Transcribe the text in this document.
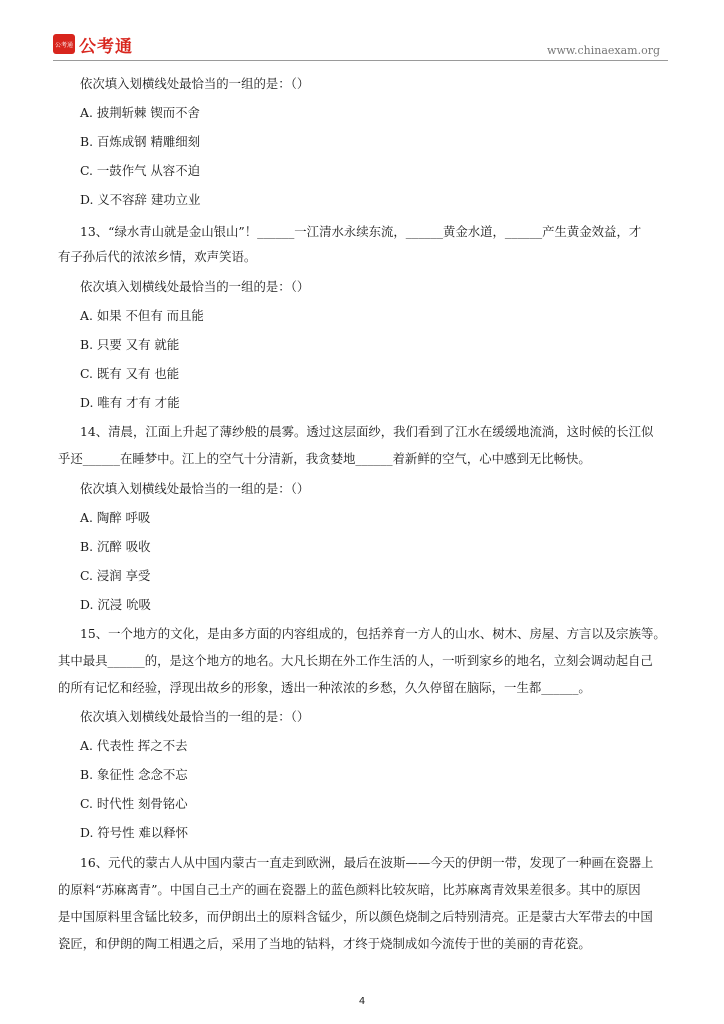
公考通 公考通	www.chinaexam.org
依次填入划横线处最恰当的一组的是：（）
A. 披荆斩棘 锲而不舍
B. 百炼成钢 精雕细刻
C. 一鼓作气 从容不迫
D. 义不容辞 建功立业
13、“绿水青山就是金山银山”！______一江清水永续东流，______黄金水道，______产生黄金效益，才
有子孙后代的浓浓乡情，欢声笑语。
依次填入划横线处最恰当的一组的是：（）
A. 如果 不但有 而且能
B. 只要 又有 就能
C. 既有 又有 也能
D. 唯有 才有 才能
14、清晨，江面上升起了薄纱般的晨雾。透过这层面纱，我们看到了江水在缓缓地流淌，这时候的长江似
乎还______在睡梦中。江上的空气十分清新，我贪婪地______着新鲜的空气，心中感到无比畅快。
依次填入划横线处最恰当的一组的是：（）
A. 陶醉 呼吸
B. 沉醉 吸收
C. 浸润 享受
D. 沉浸 吮吸
15、一个地方的文化，是由多方面的内容组成的，包括养育一方人的山水、树木、房屋、方言以及宗族等。
其中最具______的，是这个地方的地名。大凡长期在外工作生活的人，一听到家乡的地名，立刻会调动起自己
的所有记忆和经验，浮现出故乡的形象，透出一种浓浓的乡愁，久久停留在脑际，一生都______。
依次填入划横线处最恰当的一组的是：（）
A. 代表性 挥之不去
B. 象征性 念念不忘
C. 时代性 刻骨铭心
D. 符号性 难以释怀
16、元代的蒙古人从中国内蒙古一直走到欧洲，最后在波斯——今天的伊朗一带，发现了一种画在瓷器上
的原料“苏麻离青”。中国自己土产的画在瓷器上的蓝色颜料比较灰暗，比苏麻离青效果差很多。其中的原因
是中国原料里含锰比较多，而伊朗出土的原料含锰少，所以颜色烧制之后特别清亮。正是蒙古大军带去的中国
瓷匠，和伊朗的陶工相遇之后，采用了当地的钴料，才终于烧制成如今流传于世的美丽的青花瓷。
4
